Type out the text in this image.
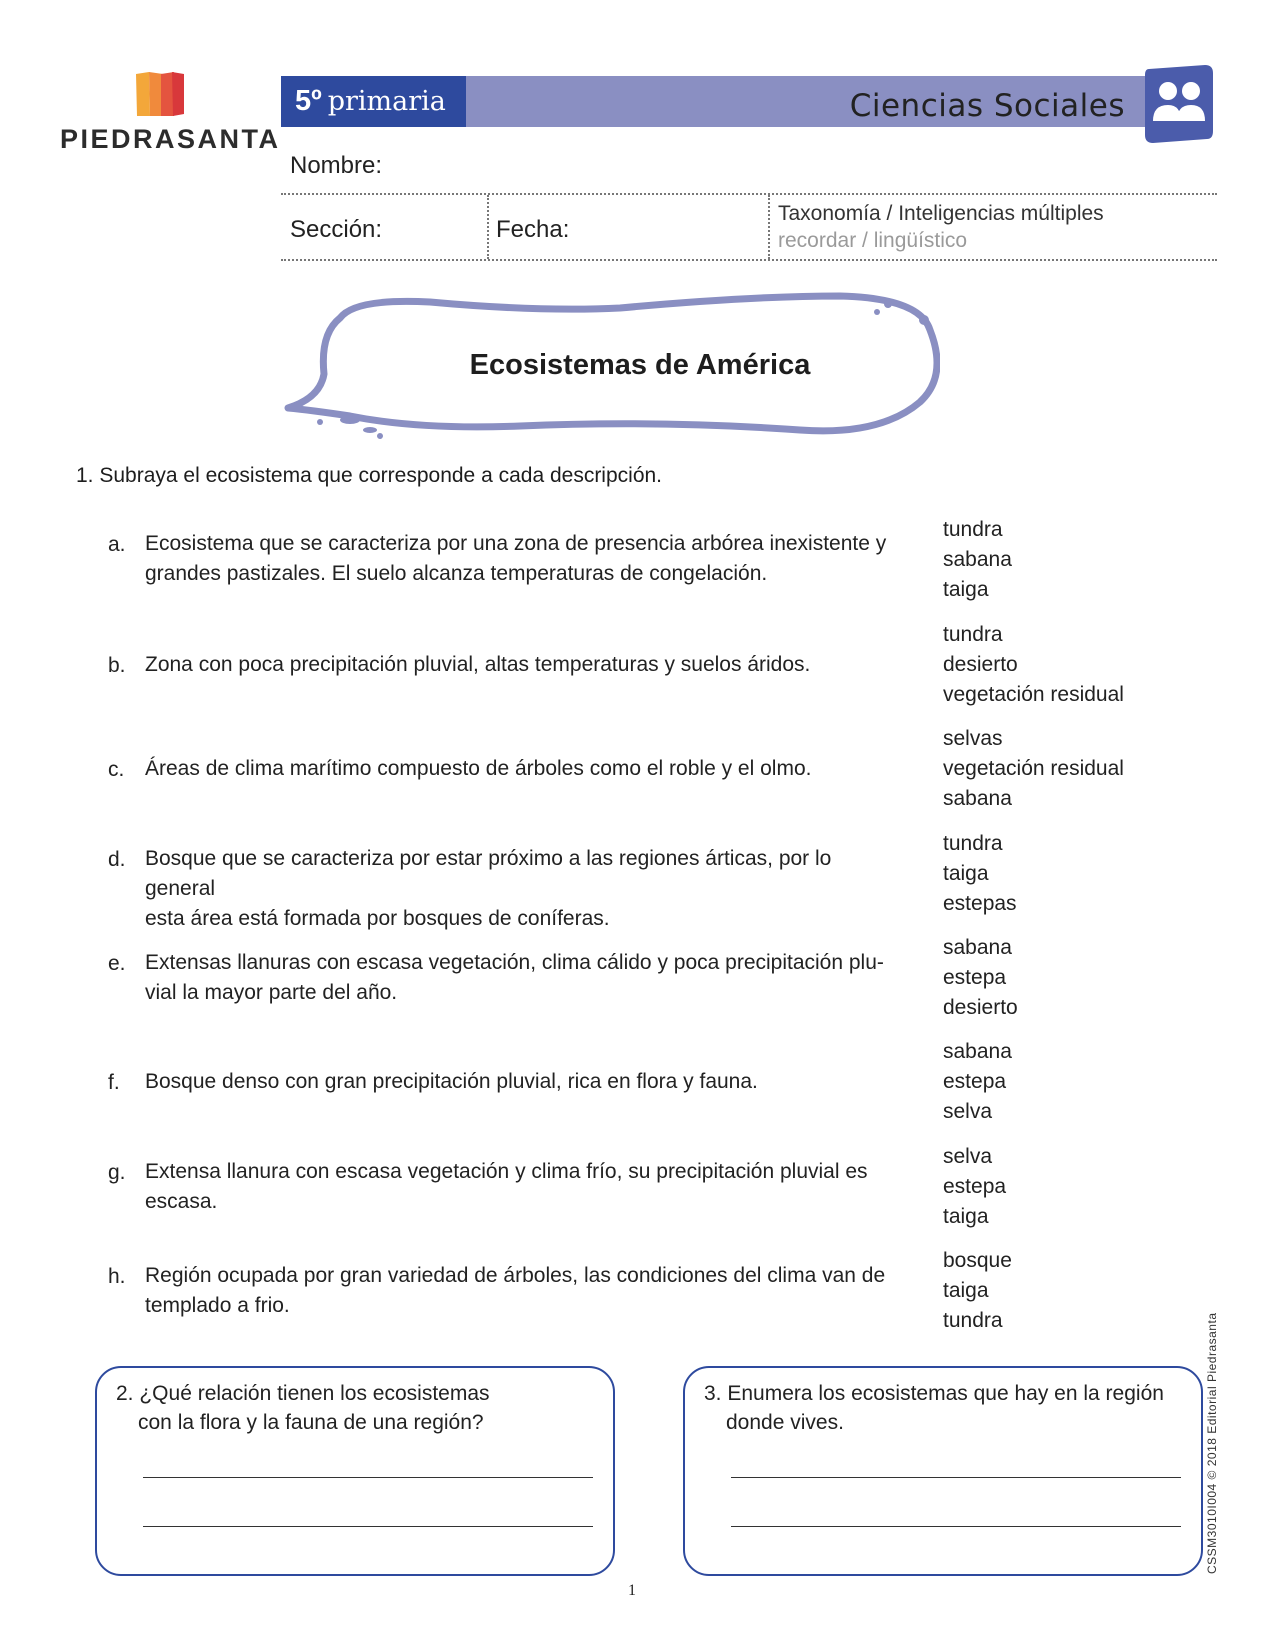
PIEDRASANTA
5º primaria	Ciencias Sociales
Nombre:
Sección:	Fecha:
Taxonomía / Inteligencias múltiples
recordar / lingüístico
Ecosistemas de América
1. Subraya el ecosistema que corresponde a cada descripción.
a. Ecosistema que se caracteriza por una zona de presencia arbórea inexistente y
grandes pastizales. El suelo alcanza temperaturas de congelación.
tundra
sabana
taiga
b. Zona con poca precipitación pluvial, altas temperaturas y suelos áridos.
tundra
desierto
vegetación residual
c. Áreas de clima marítimo compuesto de árboles como el roble y el olmo.
selvas
vegetación residual
sabana
d. Bosque que se caracteriza por estar próximo a las regiones árticas, por lo general
esta área está formada por bosques de coníferas.
tundra
taiga
estepas
e. Extensas llanuras con escasa vegetación, clima cálido y poca precipitación plu-
vial la mayor parte del año.
sabana
estepa
desierto
f. Bosque denso con gran precipitación pluvial, rica en flora y fauna.
sabana
estepa
selva
g. Extensa llanura con escasa vegetación y clima frío, su precipitación pluvial es
escasa.
selva
estepa
taiga
h. Región ocupada por gran variedad de árboles, las condiciones del clima van de
templado a frio.
bosque
taiga
tundra
2. ¿Qué relación tienen los ecosistemas
con la flora y la fauna de una región?
3. Enumera los ecosistemas que hay en la región
donde vives.	CSSM3010I004 © 2018 Editorial Piedrasanta
1
